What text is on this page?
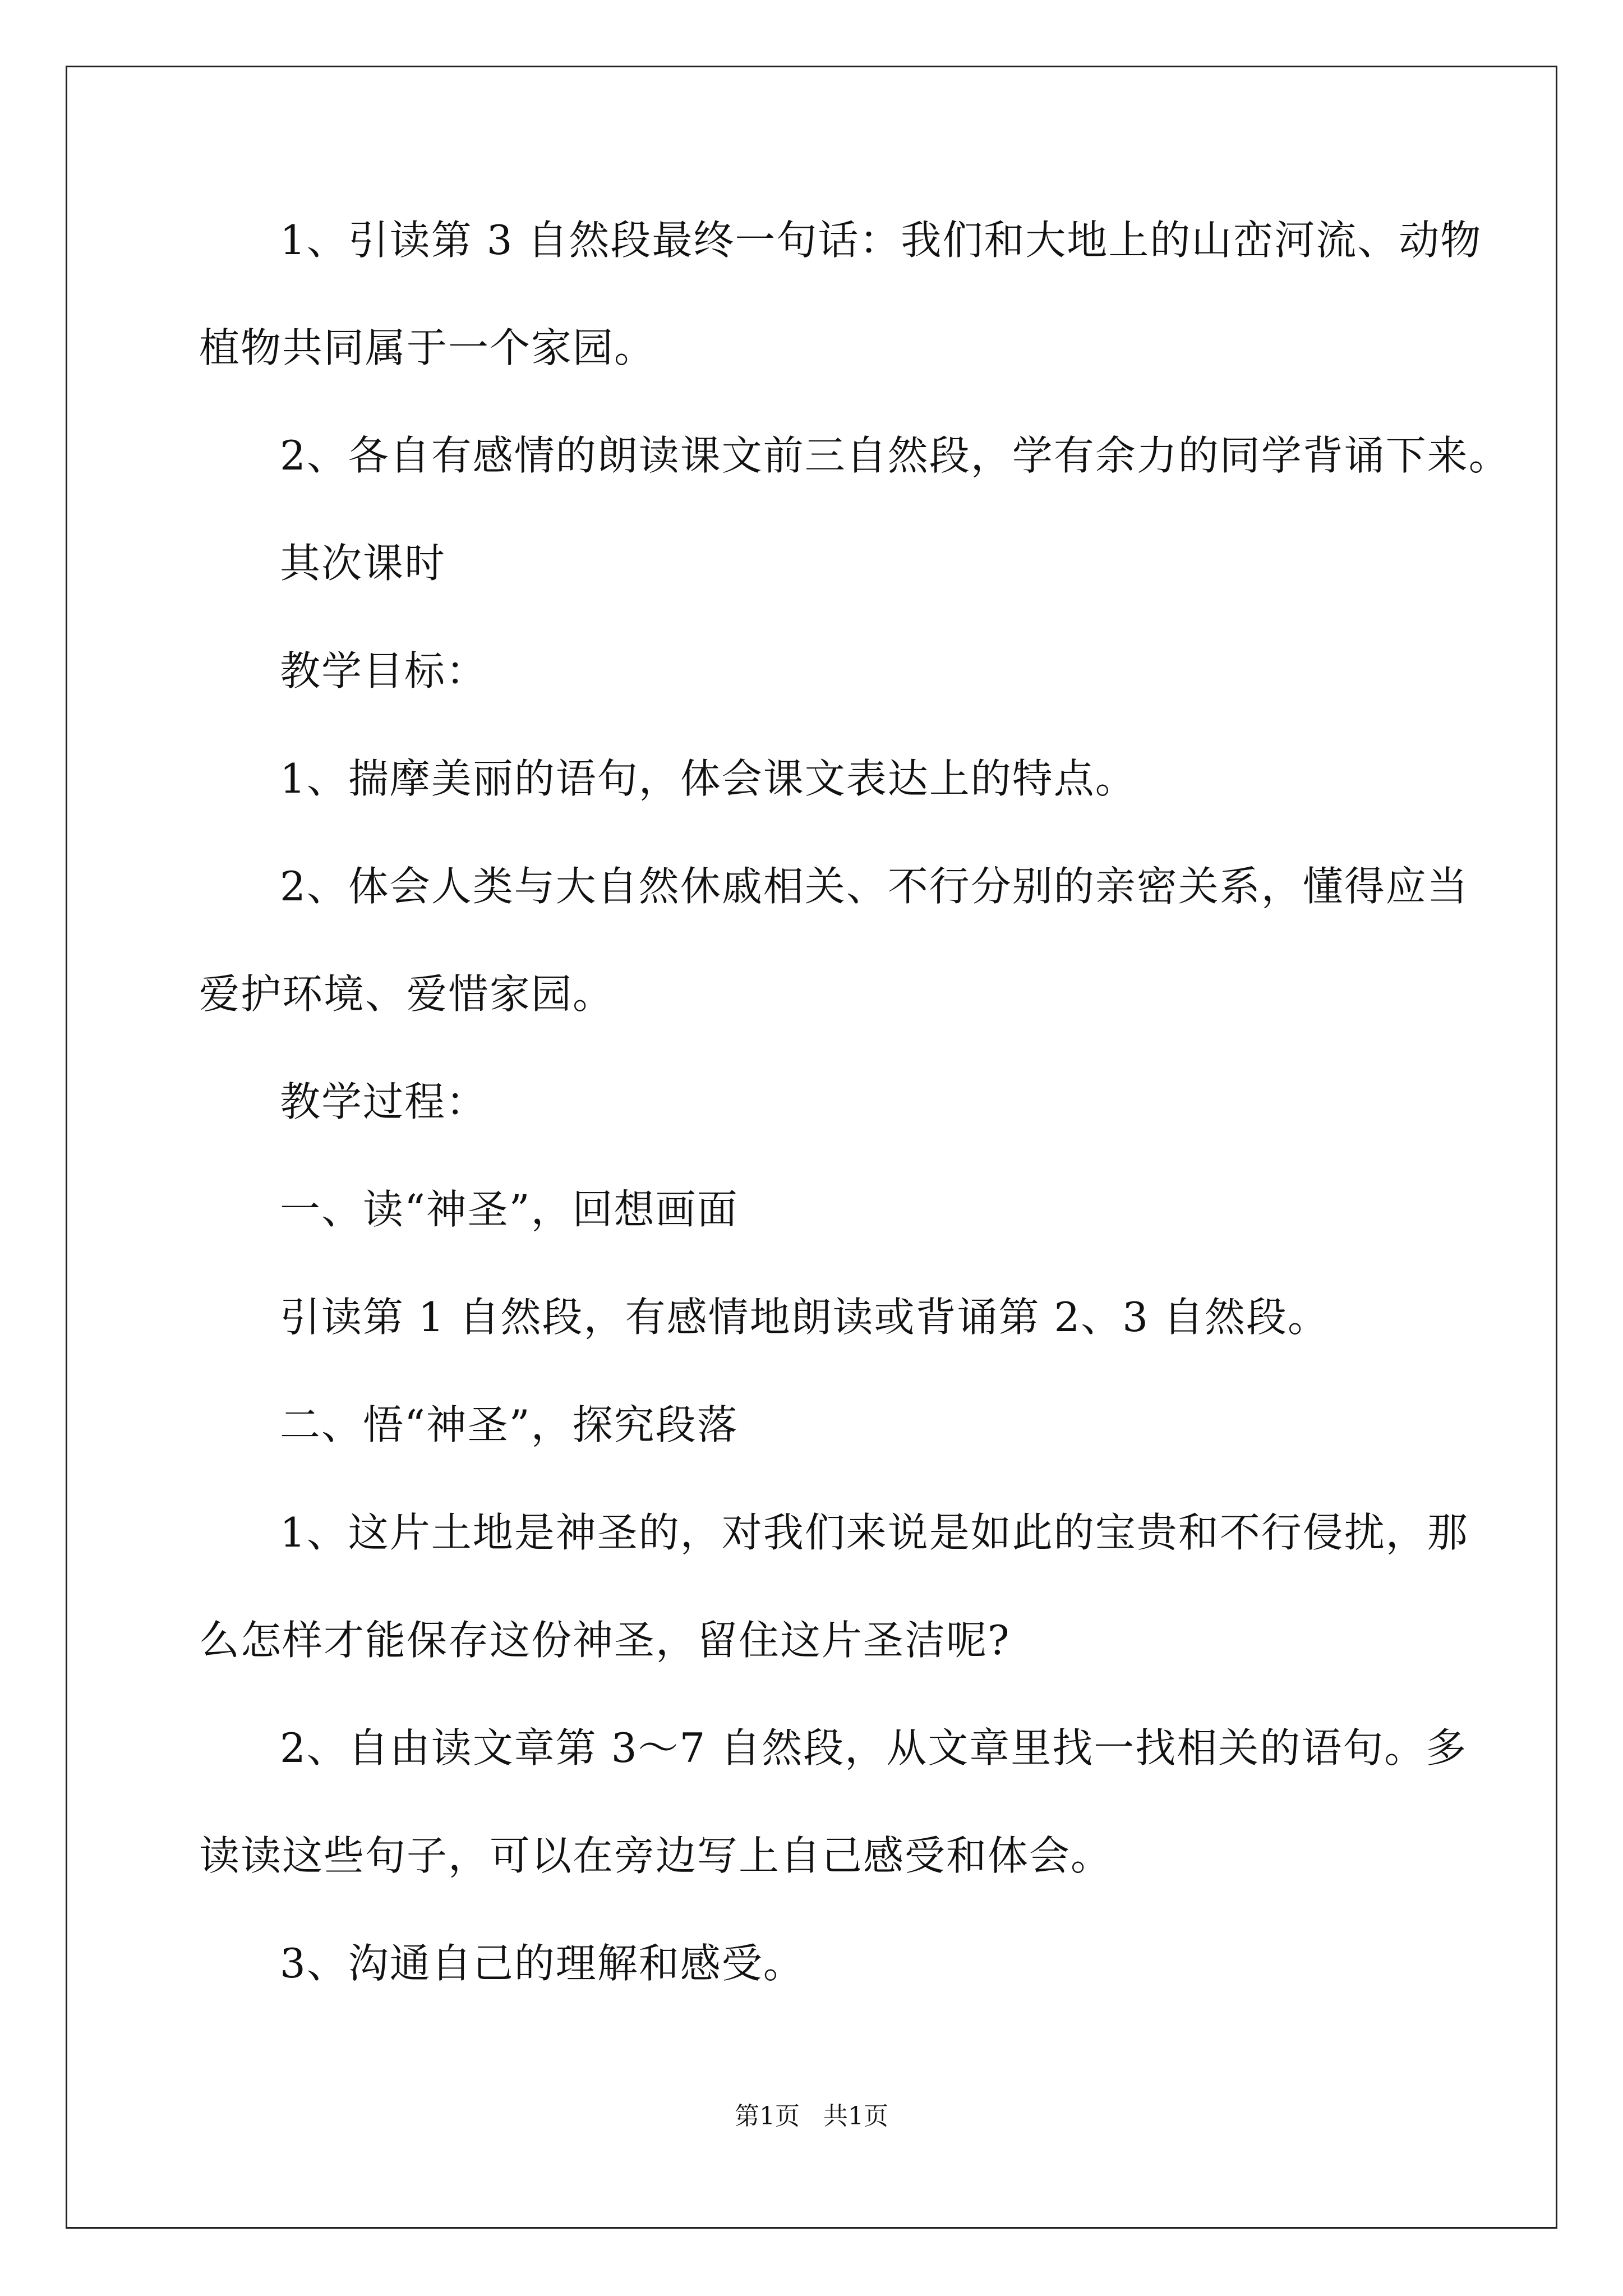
1、引读第 3 自然段最终一句话：我们和大地上的山峦河流、动物
植物共同属于一个家园。
2、各自有感情的朗读课文前三自然段，学有余力的同学背诵下来。
其次课时
教学目标：
1、揣摩美丽的语句，体会课文表达上的特点。
2、体会人类与大自然休戚相关、不行分别的亲密关系，懂得应当
爱护环境、爱惜家园。
教学过程：
一、读“神圣”，回想画面
引读第 1 自然段，有感情地朗读或背诵第 2、3 自然段。
二、悟“神圣”，探究段落
1、这片土地是神圣的，对我们来说是如此的宝贵和不行侵扰，那
么怎样才能保存这份神圣，留住这片圣洁呢?
2、自由读文章第 3～7 自然段，从文章里找一找相关的语句。多
读读这些句子，可以在旁边写上自己感受和体会。
3、沟通自己的理解和感受。
第1页 共1页
